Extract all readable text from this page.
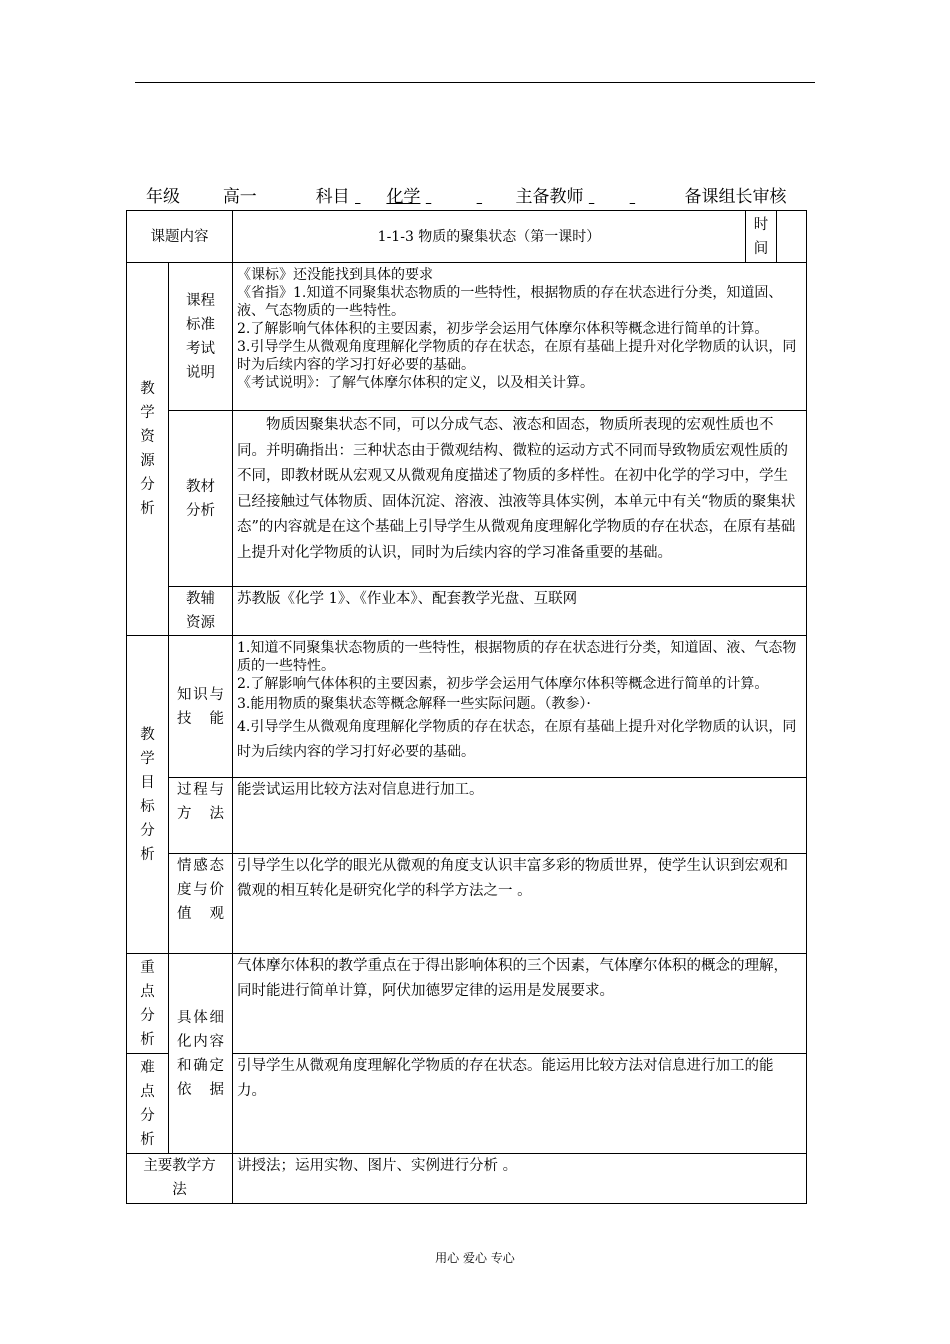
年级	高一	科目 化学	主备教师	备课组长审核
课题内容		1-1-3 物质的聚集状态（第一课时）	时间	
教学资源分析	课程标准考试说明	《课标》还没能找到具体的要求
《省指》1.知道不同聚集状态物质的一些特性，根据物质的存在状态进行分类，知道固、液、气态物质的一些特性。
2.了解影响气体体积的主要因素，初步学会运用气体摩尔体积等概念进行简单的计算。
3.引导学生从微观角度理解化学物质的存在状态，在原有基础上提升对化学物质的认识，同时为后续内容的学习打好必要的基础。
《考试说明》：了解气体摩尔体积的定义，以及相关计算。		

	教材分析	物质因聚集状态不同，可以分成气态、液态和固态，物质所表现的宏观性质也不同。并明确指出：三种状态由于微观结构、微粒的运动方式不同而导致物质宏观性质的不同，即教材既从宏观又从微观角度描述了物质的多样性。在初中化学的学习中，学生已经接触过气体物质、固体沉淀、溶液、浊液等具体实例，本单元中有关“物质的聚集状态”的内容就是在这个基础上引导学生从微观角度理解化学物质的存在状态，在原有基础上提升对化学物质的认识，同时为后续内容的学习准备重要的基础。		
	教辅资源	苏教版《化学 1》、《作业本》、配套教学光盘、互联网		
教学目标分析	知识与技能	1.知道不同聚集状态物质的一些特性，根据物质的存在状态进行分类，知道固、液、气态物质的一些特性。
2.了解影响气体体积的主要因素，初步学会运用气体摩尔体积等概念进行简单的计算。
3.能用物质的聚集状态等概念解释一些实际问题。（教参）·
4.引导学生从微观角度理解化学物质的存在状态，在原有基础上提升对化学物质的认识，同时为后续内容的学习打好必要的基础。		

	过程与方法	能尝试运用比较方法对信息进行加工。		
	情感态度与价值观	引导学生以化学的眼光从微观的角度支认识丰富多彩的物质世界，使学生认识到宏观和微观的相互转化是研究化学的科学方法之一 。		
重点分析	具体细化内容和确定依据	气体摩尔体积的教学重点在于得出影响体积的三个因素，气体摩尔体积的概念的理解，同时能进行简单计算，阿伏加德罗定律的运用是发展要求。		
难点分析		引导学生从微观角度理解化学物质的存在状态。能运用比较方法对信息进行加工的能力。		
主要教学方法		讲授法；运用实物、图片、实例进行分析 。		
用心 爱心 专心
